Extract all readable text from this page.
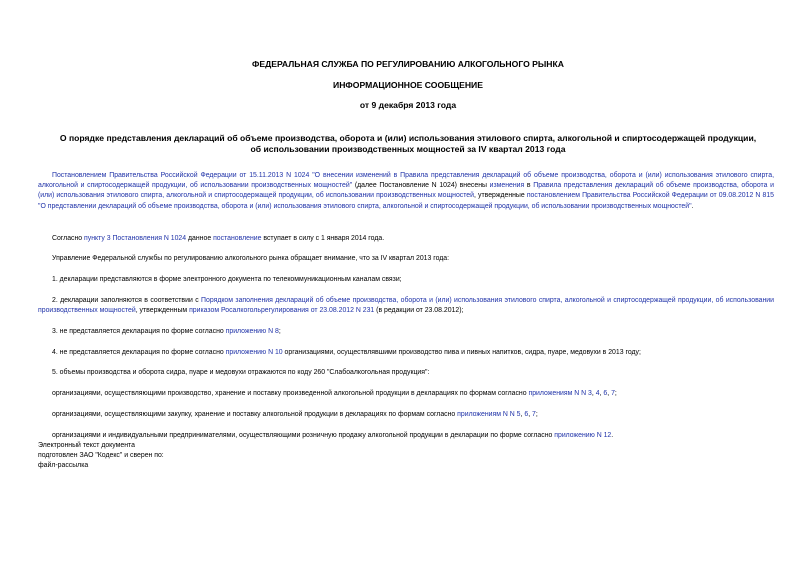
ФЕДЕРАЛЬНАЯ СЛУЖБА ПО РЕГУЛИРОВАНИЮ АЛКОГОЛЬНОГО РЫНКА
ИНФОРМАЦИОННОЕ СООБЩЕНИЕ
от 9 декабря 2013 года
О порядке представления деклараций об объеме производства, оборота и (или) использования этилового спирта, алкогольной и спиртосодержащей продукции,
об использовании производственных мощностей за IV квартал 2013 года
Постановлением Правительства Российской Федерации от 15.11.2013 N 1024 "О внесении изменений в Правила представления деклараций об объеме производства, оборота и (или) использования этилового спирта, алкогольной и спиртосодержащей продукции, об использовании производственных мощностей" (далее Постановление N 1024) внесены изменения в Правила представления деклараций об объеме производства, оборота и (или) использования этилового спирта, алкогольной и спиртосодержащей продукции, об использовании производственных мощностей, утвержденные постановлением Правительства Российской Федерации от 09.08.2012 N 815 "О представлении деклараций об объеме производства, оборота и (или) использования этилового спирта, алкогольной и спиртосодержащей продукции, об использовании производственных мощностей".
Согласно пункту 3 Постановления N 1024 данное постановление вступает в силу с 1 января 2014 года.
Управление Федеральной службы по регулированию алкогольного рынка обращает внимание, что за IV квартал 2013 года:
1. декларации представляются в форме электронного документа по телекоммуникационным каналам связи;
2. декларации заполняются в соответствии с Порядком заполнения деклараций об объеме производства, оборота и (или) использования этилового спирта, алкогольной и спиртосодержащей продукции, об использовании производственных мощностей, утвержденным приказом Росалкогольрегулирования от 23.08.2012 N 231 (в редакции от 23.08.2012);
3. не представляется декларация по форме согласно приложению N 8;
4. не представляется декларация по форме согласно приложению N 10 организациями, осуществлявшими производство пива и пивных напитков, сидра, пуаре, медовухи в 2013 году;
5. объемы производства и оборота сидра, пуаре и медовухи отражаются по коду 260 "Слабоалкогольная продукция":
организациями, осуществляющими производство, хранение и поставку произведенной алкогольной продукции в декларациях по формам согласно приложениям N N 3, 4, 6, 7;
организациями, осуществляющими закупку, хранение и поставку алкогольной продукции в декларациях по формам согласно приложениям N N 5, 6, 7;
организациями и индивидуальными предпринимателями, осуществляющими розничную продажу алкогольной продукции в декларации по форме согласно приложению N 12.
Электронный текст документа
подготовлен ЗАО "Кодекс" и сверен по:
файл-рассылка
